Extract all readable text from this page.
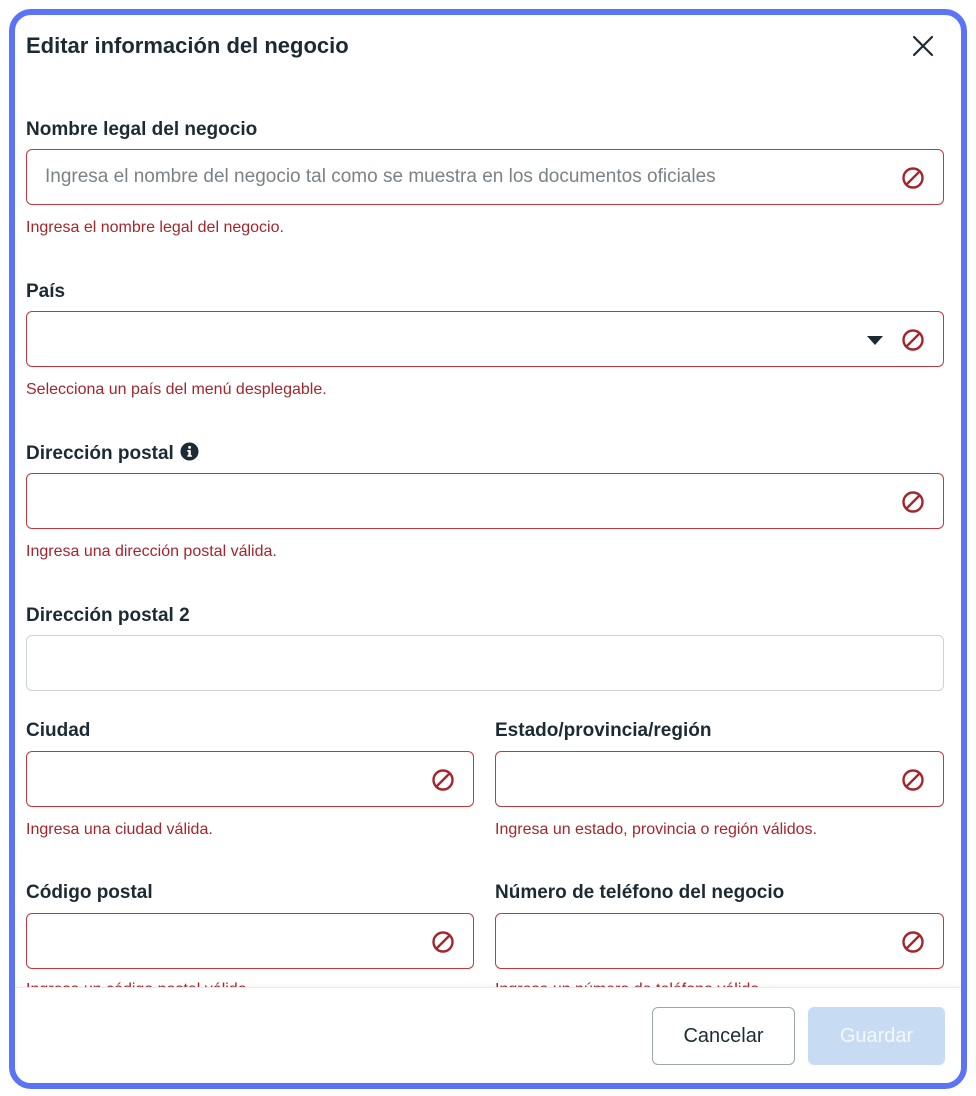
Editar información del negocio
Nombre legal del negocio
Ingresa el nombre del negocio tal como se muestra en los documentos oficiales
Ingresa el nombre legal del negocio.
País
Selecciona un país del menú desplegable.
Dirección postal
Ingresa una dirección postal válida.
Dirección postal 2
Ciudad
Ingresa una ciudad válida.
Estado/provincia/región
Ingresa un estado, provincia o región válidos.
Código postal	Número de teléfono del negocio
Cancelar	Guardar
